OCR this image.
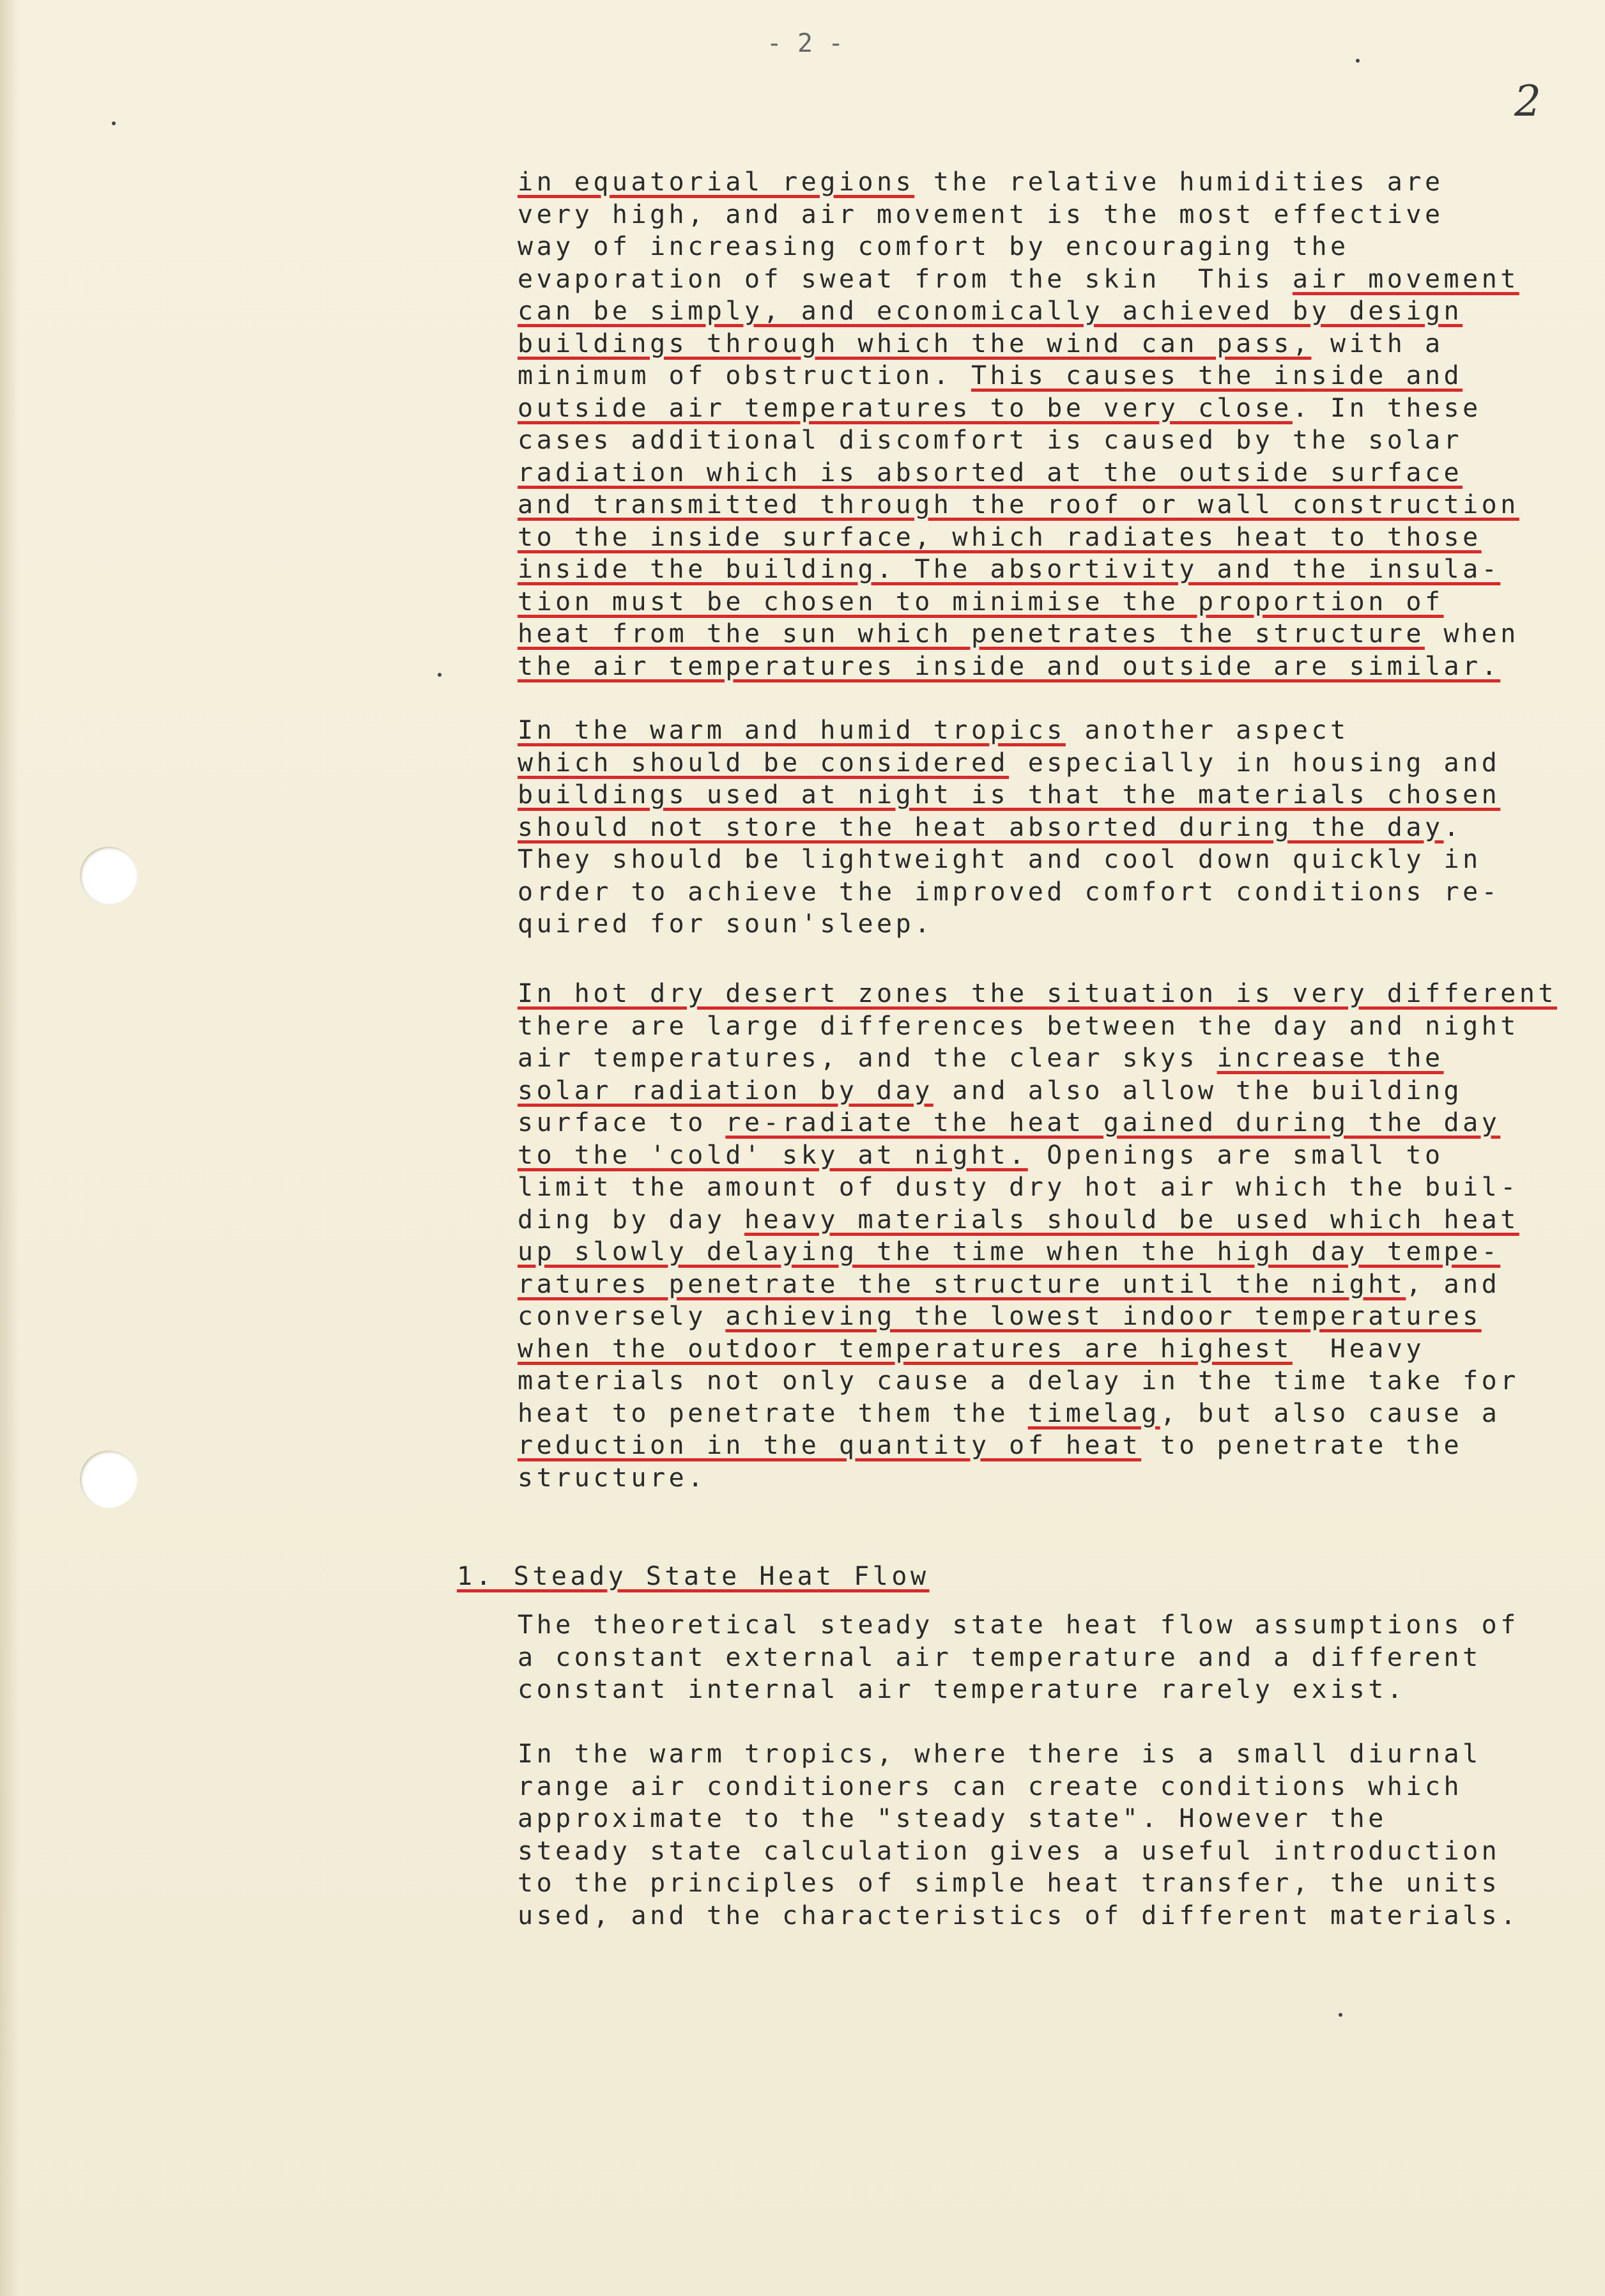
- 2 -
2
in equatorial regions the relative humidities are
very high, and air movement is the most effective
way of increasing comfort by encouraging the
evaporation of sweat from the skin  This air movement
can be simply, and economically achieved by design
buildings through which the wind can pass, with a
minimum of obstruction. This causes the inside and
outside air temperatures to be very close. In these
cases additional discomfort is caused by the solar
radiation which is absorted at the outside surface
and transmitted through the roof or wall construction
to the inside surface, which radiates heat to those
inside the building. The absortivity and the insula-
tion must be chosen to minimise the proportion of
heat from the sun which penetrates the structure when
the air temperatures inside and outside are similar.
In the warm and humid tropics another aspect
which should be considered especially in housing and
buildings used at night is that the materials chosen
should not store the heat absorted during the day.
They should be lightweight and cool down quickly in
order to achieve the improved comfort conditions re-
quired for soun'sleep.
In hot dry desert zones the situation is very different
there are large differences between the day and night
air temperatures, and the clear skys increase the
solar radiation by day and also allow the building
surface to re-radiate the heat gained during the day
to the 'cold' sky at night. Openings are small to
limit the amount of dusty dry hot air which the buil-
ding by day heavy materials should be used which heat
up slowly delaying the time when the high day tempe-
ratures penetrate the structure until the night, and
conversely achieving the lowest indoor temperatures
when the outdoor temperatures are highest  Heavy
materials not only cause a delay in the time take for
heat to penetrate them the timelag, but also cause a
reduction in the quantity of heat to penetrate the
structure.
1. Steady State Heat Flow
The theoretical steady state heat flow assumptions of
a constant external air temperature and a different
constant internal air temperature rarely exist.
In the warm tropics, where there is a small diurnal
range air conditioners can create conditions which
approximate to the "steady state". However the
steady state calculation gives a useful introduction
to the principles of simple heat transfer, the units
used, and the characteristics of different materials.
